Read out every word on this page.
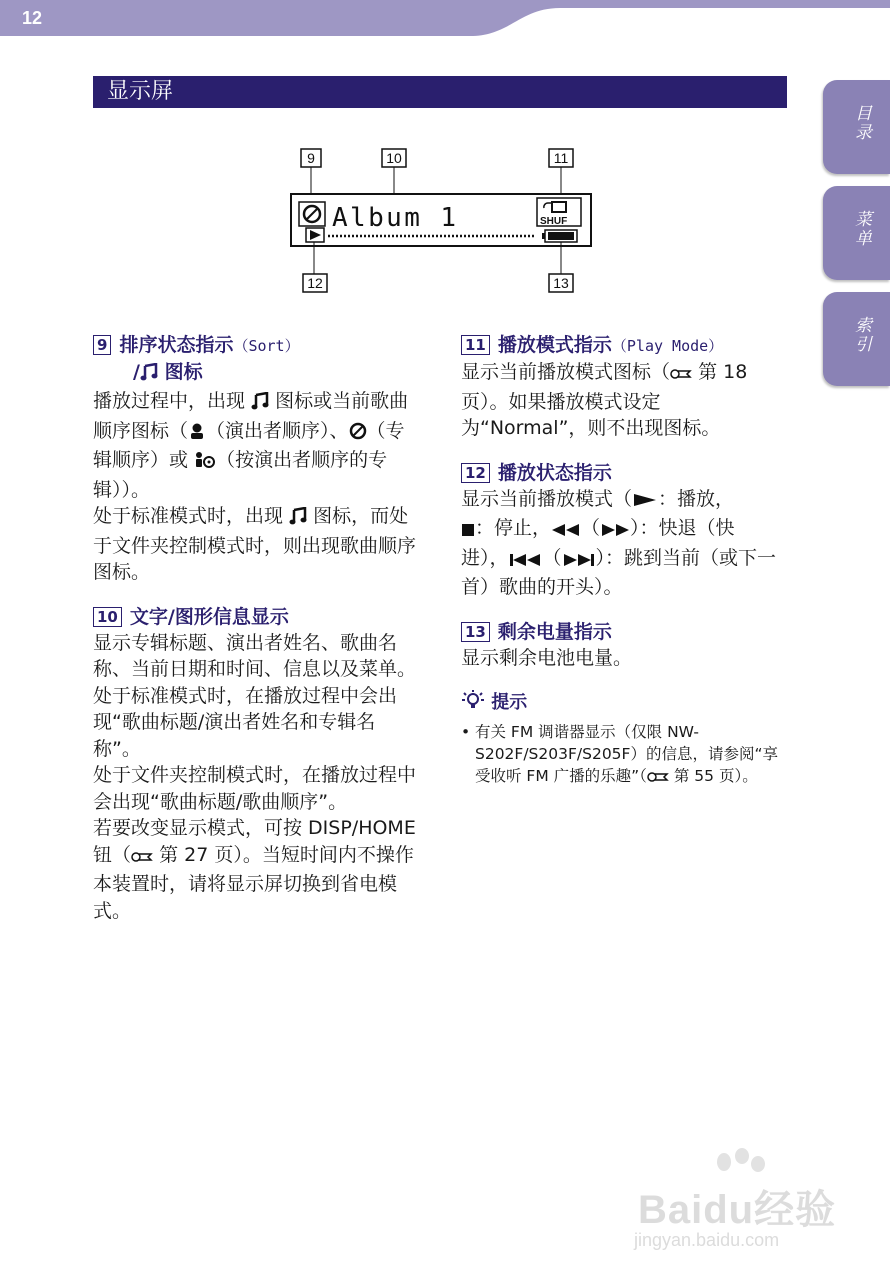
12
显示屏
目录
菜单
索引
9	10	11
Album 1	SHUF
12	13
9 排序状态指示（Sort）
/ 图标

播放过程中，出现 图标或当前歌曲顺序图标（ （演出者顺序）、 （专辑顺序）或 （按演出者顺序的专辑））。
处于标准模式时，出现 图标，而处于文件夹控制模式时，则出现歌曲顺序图标。

10 文字/图形信息显示

显示专辑标题、演出者姓名、歌曲名称、当前日期和时间、信息以及菜单。
处于标准模式时，在播放过程中会出现“歌曲标题/演出者姓名和专辑名称”。
处于文件夹控制模式时，在播放过程中会出现“歌曲标题/歌曲顺序”。
若要改变显示模式，可按 DISP/HOME 钮（ 第 27 页）。当短时间内不操作本装置时，请将显示屏切换到省电模式。

11 播放模式指示（Play Mode）

显示当前播放模式图标（ 第 18 页）。如果播放模式设定为“Normal”，则不出现图标。

12 播放状态指示

显示当前播放模式（ ：播放，
：停止， （ ）：快退（快进）， （ ）：跳到当前（或下一首）歌曲的开头）。

13 剩余电量指示

显示剩余电池电量。

提示
• 有关 FM 调谐器显示（仅限 NW-S202F/S203F/S205F）的信息，请参阅“享受收听 FM 广播的乐趣”（ 第 55 页）。
Baidu经验
jingyan.baidu.com
